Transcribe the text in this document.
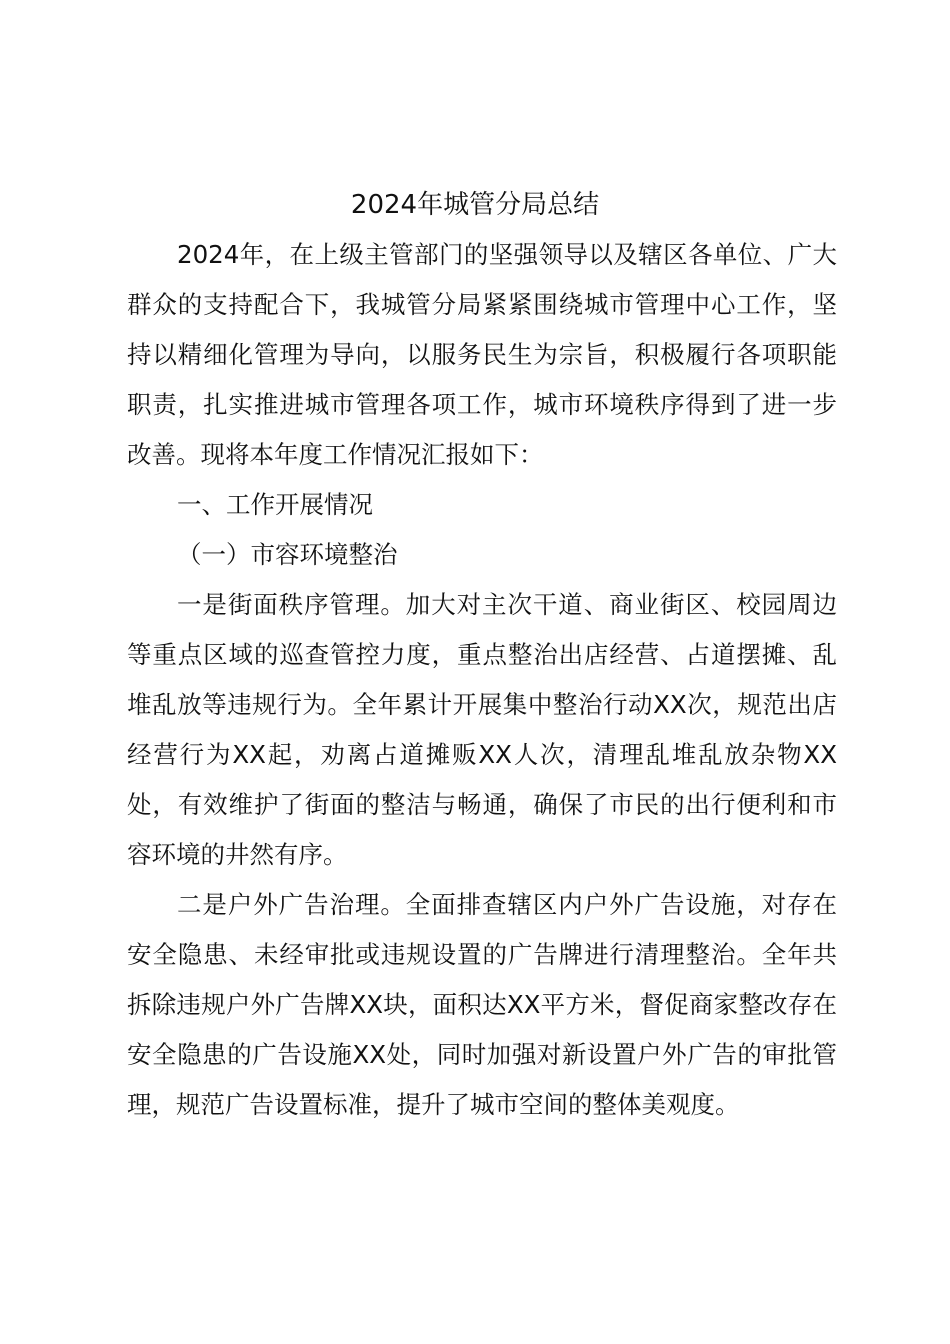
2024年城管分局总结

2024年，在上级主管部门的坚强领导以及辖区各单位、广大群众的支持配合下，我城管分局紧紧围绕城市管理中心工作，坚持以精细化管理为导向，以服务民生为宗旨，积极履行各项职能职责，扎实推进城市管理各项工作，城市环境秩序得到了进一步改善。现将本年度工作情况汇报如下：

一、工作开展情况

（一）市容环境整治

一是街面秩序管理。加大对主次干道、商业街区、校园周边等重点区域的巡查管控力度，重点整治出店经营、占道摆摊、乱堆乱放等违规行为。全年累计开展集中整治行动XX次，规范出店经营行为XX起，劝离占道摊贩XX人次，清理乱堆乱放杂物XX处，有效维护了街面的整洁与畅通，确保了市民的出行便利和市容环境的井然有序。

二是户外广告治理。全面排查辖区内户外广告设施，对存在安全隐患、未经审批或违规设置的广告牌进行清理整治。全年共拆除违规户外广告牌XX块，面积达XX平方米，督促商家整改存在安全隐患的广告设施XX处，同时加强对新设置户外广告的审批管理，规范广告设置标准，提升了城市空间的整体美观度。
